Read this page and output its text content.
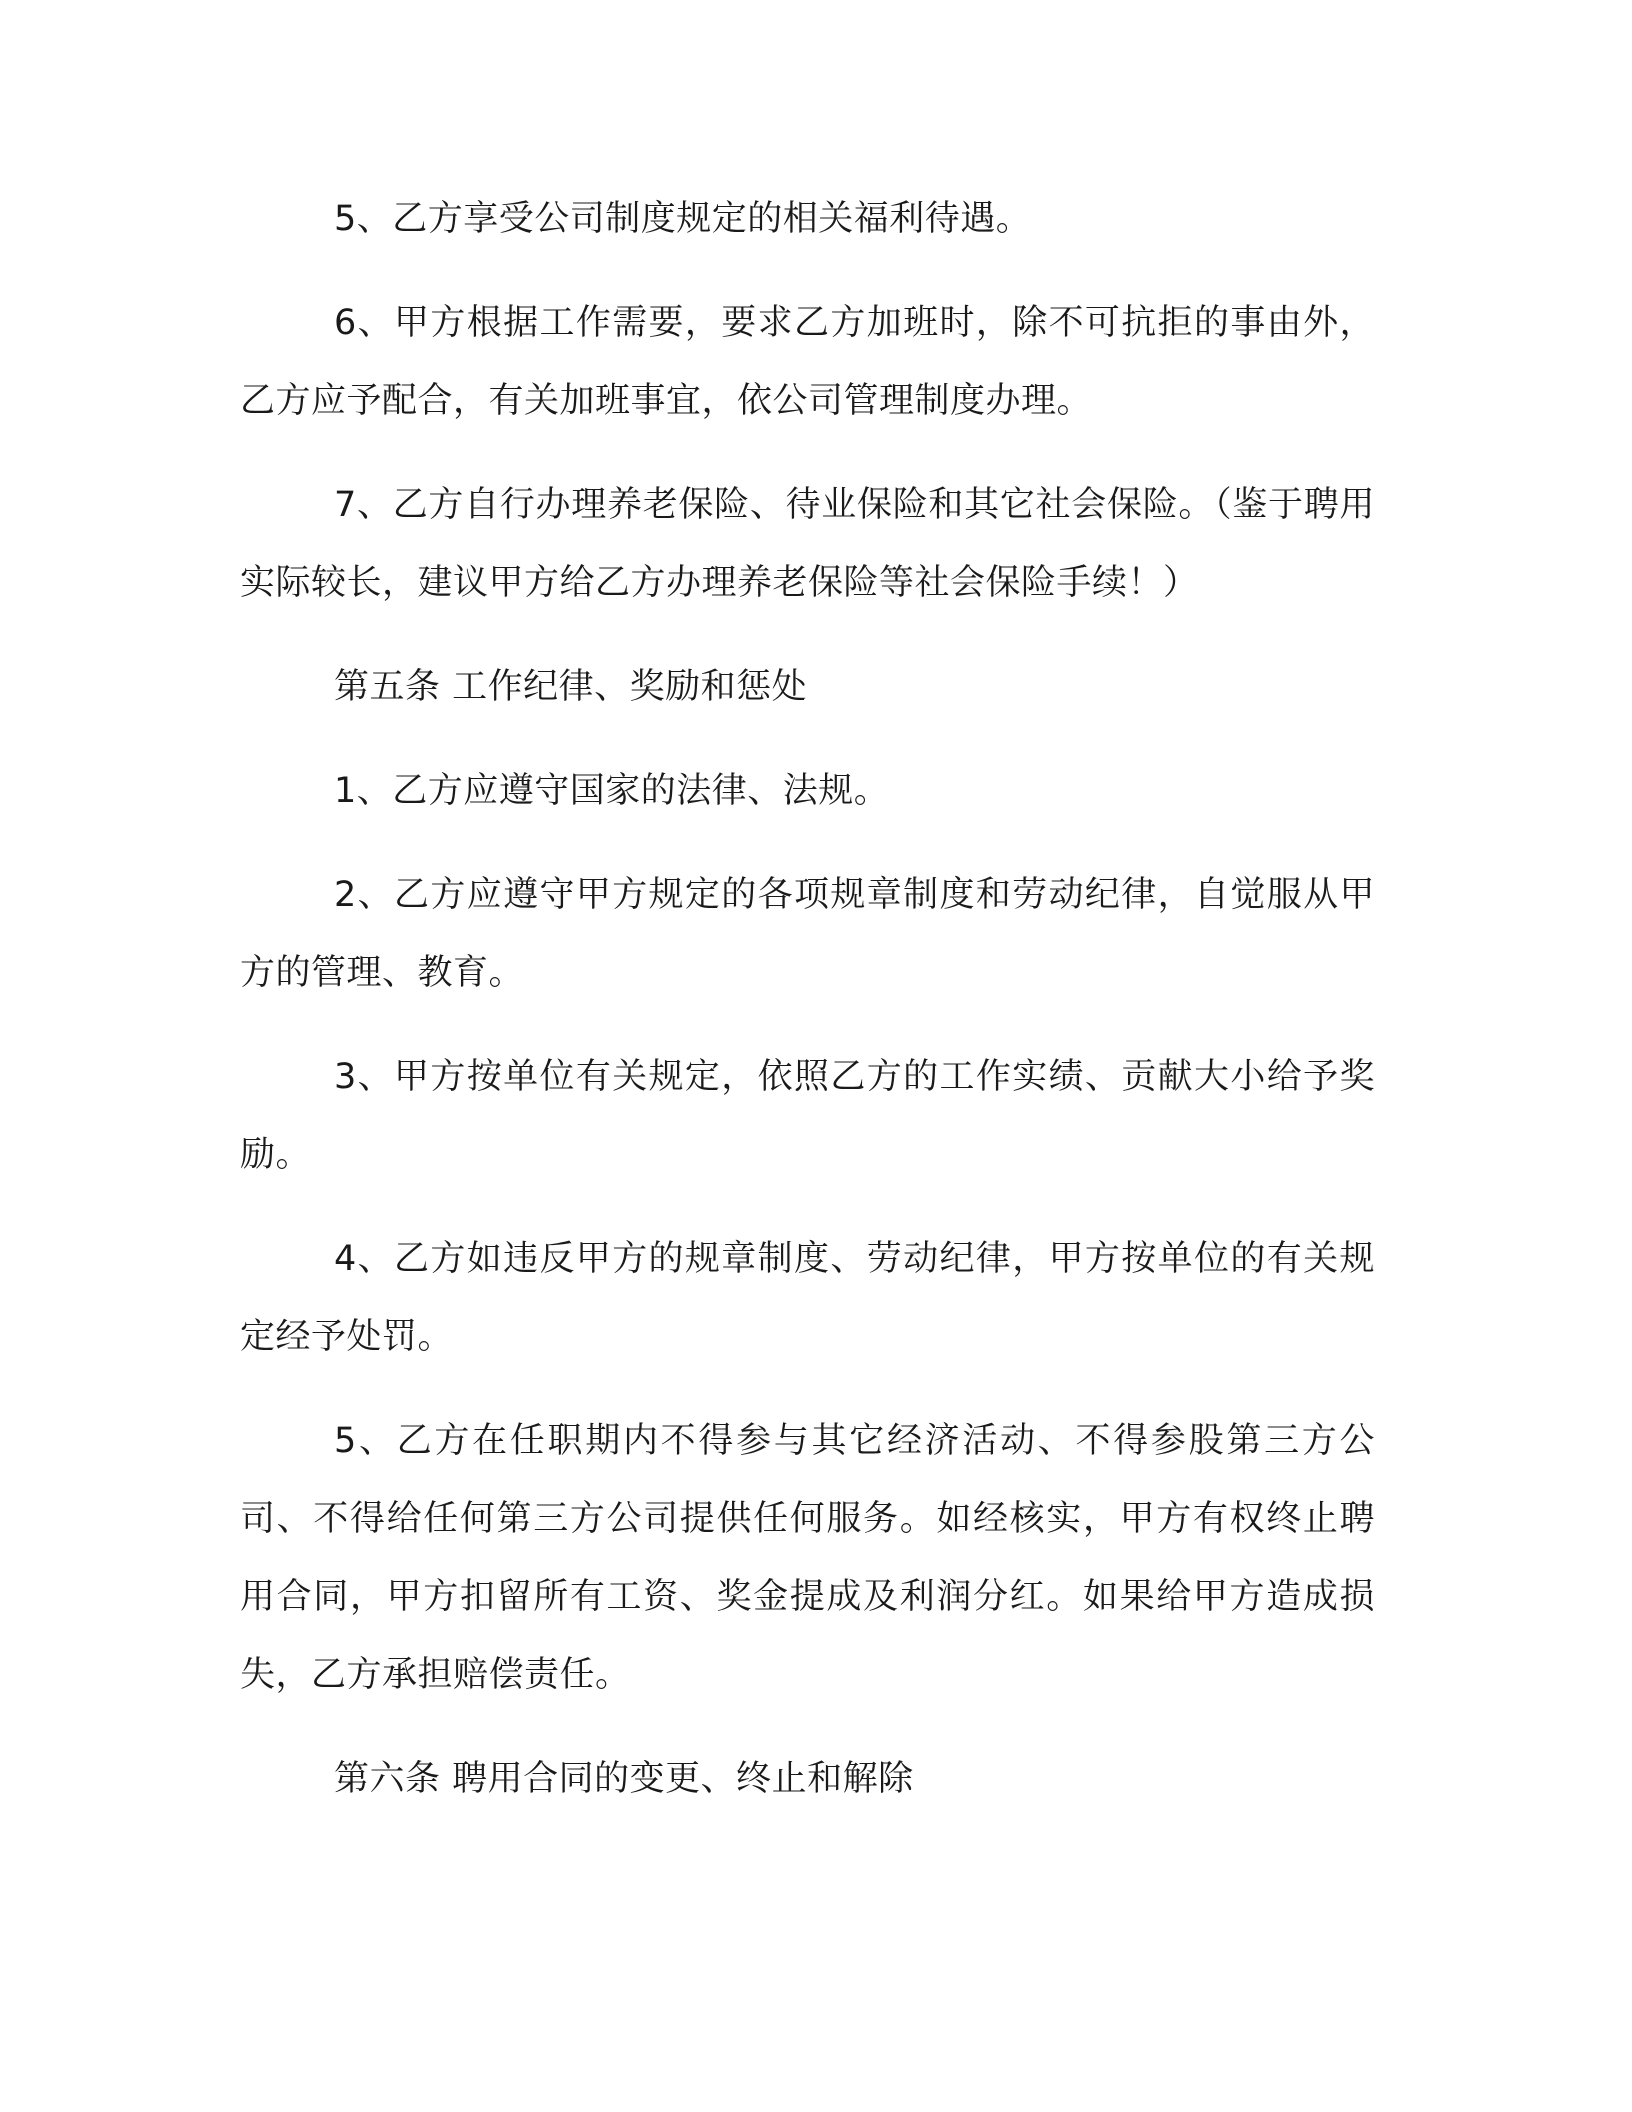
5、乙方享受公司制度规定的相关福利待遇。

6、甲方根据工作需要，要求乙方加班时，除不可抗拒的事由外，乙方应予配合，有关加班事宜，依公司管理制度办理。

7、乙方自行办理养老保险、待业保险和其它社会保险。（鉴于聘用实际较长，建议甲方给乙方办理养老保险等社会保险手续！）

第五条 工作纪律、奖励和惩处

1、乙方应遵守国家的法律、法规。

2、乙方应遵守甲方规定的各项规章制度和劳动纪律，自觉服从甲方的管理、教育。

3、甲方按单位有关规定，依照乙方的工作实绩、贡献大小给予奖励。

4、乙方如违反甲方的规章制度、劳动纪律，甲方按单位的有关规定经予处罚。

5、乙方在任职期内不得参与其它经济活动、不得参股第三方公司、不得给任何第三方公司提供任何服务。如经核实，甲方有权终止聘用合同，甲方扣留所有工资、奖金提成及利润分红。如果给甲方造成损失，乙方承担赔偿责任。

第六条 聘用合同的变更、终止和解除
